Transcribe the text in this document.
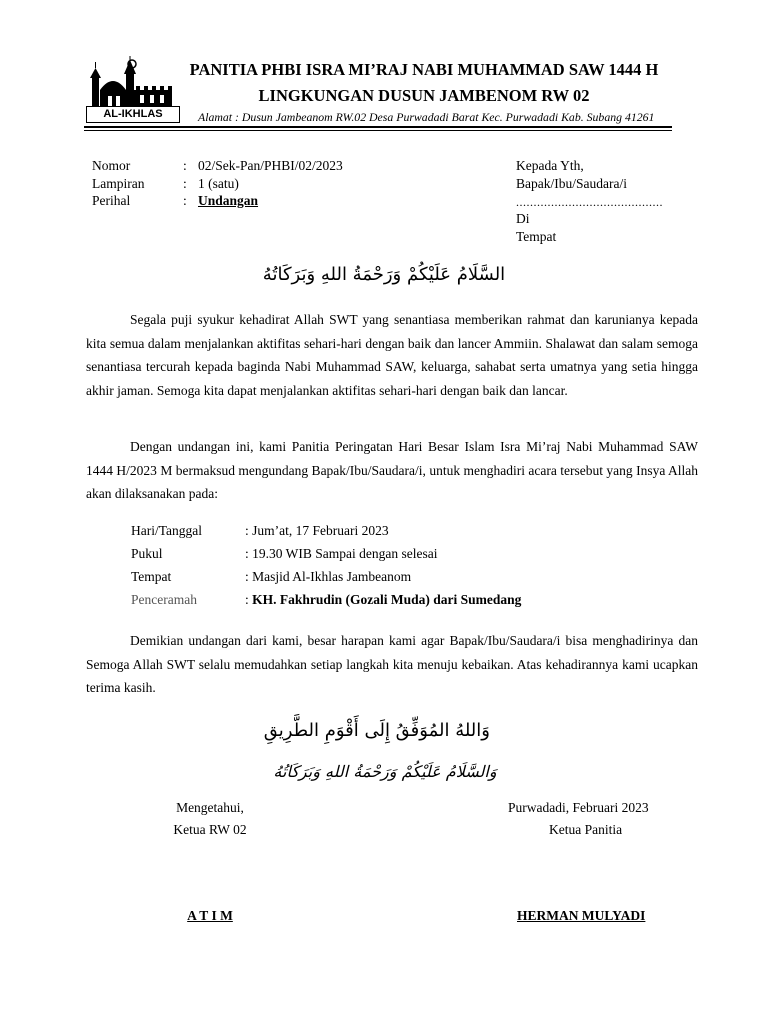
AL-IKHLAS
PANITIA PHBI ISRA MI’RAJ NABI MUHAMMAD SAW 1444 H
LINGKUNGAN DUSUN JAMBENOM RW 02
Alamat : Dusun Jambeanom RW.02 Desa Purwadadi Barat Kec. Purwadadi Kab. Subang 41261
Nomor	: 02/Sek-Pan/PHBI/02/2023
Lampiran	: 1 (satu)
Perihal	: Undangan
Kepada Yth,
Bapak/Ibu/Saudara/i
..........................................
Di
Tempat
السَّلَامُ عَلَيْكُمْ وَرَحْمَةُ اللهِ وَبَرَكَاتُهُ
Segala puji syukur kehadirat Allah SWT yang senantiasa memberikan rahmat dan karunianya kepada kita semua dalam menjalankan aktifitas sehari-hari dengan baik dan lancer Ammiin. Shalawat dan salam semoga senantiasa tercurah kepada baginda Nabi Muhammad SAW, keluarga, sahabat serta umatnya yang setia hingga akhir jaman. Semoga kita dapat menjalankan aktifitas sehari-hari dengan baik dan lancar.
Dengan undangan ini, kami Panitia Peringatan Hari Besar Islam Isra Mi’raj Nabi Muhammad SAW 1444 H/2023 M bermaksud mengundang Bapak/Ibu/Saudara/i, untuk menghadiri acara tersebut yang Insya Allah akan dilaksanakan pada:
Hari/Tanggal	: Jum’at, 17 Februari 2023
Pukul	: 19.30 WIB Sampai dengan selesai
Tempat	: Masjid Al-Ikhlas Jambeanom
Penceramah	: KH. Fakhrudin (Gozali Muda) dari Sumedang
Demikian undangan dari kami, besar harapan kami agar Bapak/Ibu/Saudara/i bisa menghadirinya dan Semoga Allah SWT selalu memudahkan setiap langkah kita menuju kebaikan. Atas kehadirannya kami ucapkan terima kasih.
وَاللهُ المُوَفِّقُ إِلَى أَقْوَمِ الطَّرِيقِ
وَالسَّلَامُ عَلَيْكُمْ وَرَحْمَةُ اللهِ وَبَرَكَاتُهُ
Mengetahui,
Ketua RW 02
A T I M
Purwadadi, Februari 2023
Ketua Panitia
HERMAN MULYADI
